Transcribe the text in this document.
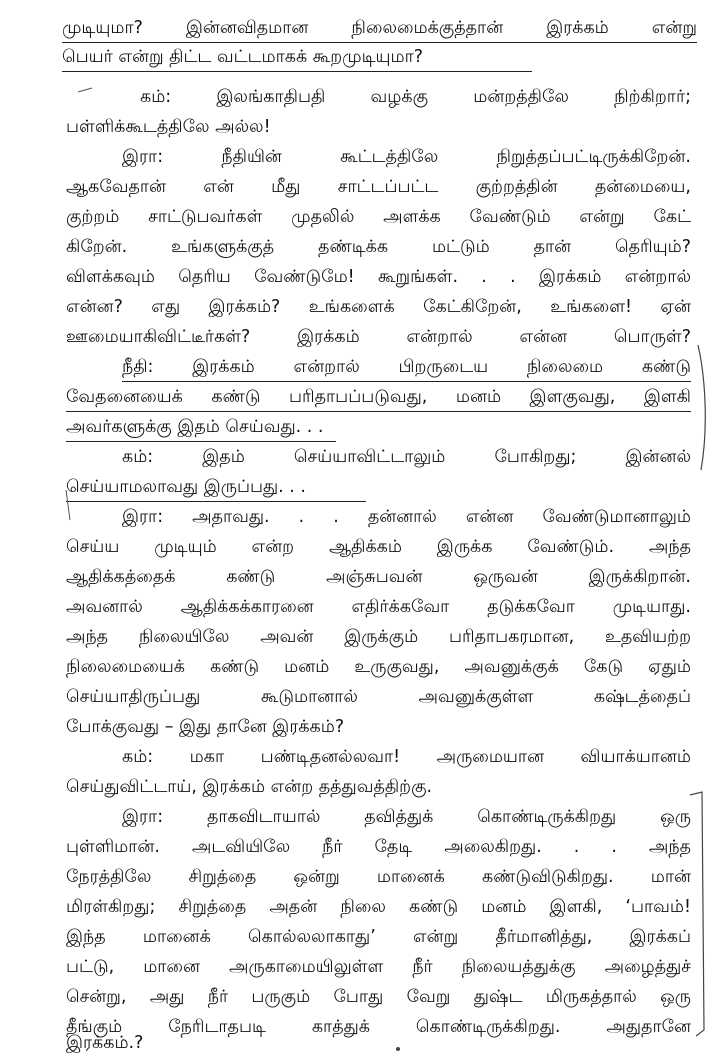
முடியுமா? இன்னவிதமான நிலைமைக்குத்தான் இரக்கம் என்று
பெயர் என்று திட்ட வட்டமாகக் கூறமுடியுமா?
கம்: இலங்காதிபதி வழக்கு மன்றத்திலே நிற்கிறார்;
பள்ளிக்கூடத்திலே அல்ல!
இரா: நீதியின் கூட்டத்திலே நிறுத்தப்பட்டிருக்கிறேன்.
ஆகவேதான் என் மீது சாட்டப்பட்ட குற்றத்தின் தன்மையை,
குற்றம் சாட்டுபவர்கள் முதலில் அளக்க வேண்டும் என்று கேட்
கிறேன். உங்களுக்குத் தண்டிக்க மட்டும் தான் தெரியும்?
விளக்கவும் தெரிய வேண்டுமே! கூறுங்கள். . . இரக்கம் என்றால்
என்ன? எது இரக்கம்? உங்களைக் கேட்கிறேன், உங்களை! ஏன்
ஊமையாகிவிட்டீர்கள்? இரக்கம் என்றால் என்ன பொருள்?
நீதி: இரக்கம் என்றால் பிறருடைய நிலைமை கண்டு
வேதனையைக் கண்டு பரிதாபப்படுவது, மனம் இளகுவது, இளகி
அவர்களுக்கு இதம் செய்வது. . .
கம்: இதம் செய்யாவிட்டாலும் போகிறது; இன்னல்
செய்யாமலாவது இருப்பது. . .
இரா: அதாவது. . . தன்னால் என்ன வேண்டுமானாலும்
செய்ய முடியும் என்ற ஆதிக்கம் இருக்க வேண்டும். அந்த
ஆதிக்கத்தைக் கண்டு அஞ்சுபவன் ஒருவன் இருக்கிறான்.
அவனால் ஆதிக்கக்காரனை எதிர்க்கவோ தடுக்கவோ முடியாது.
அந்த நிலையிலே அவன் இருக்கும் பரிதாபகரமான, உதவியற்ற
நிலைமையைக் கண்டு மனம் உருகுவது, அவனுக்குக் கேடு ஏதும்
செய்யாதிருப்பது கூடுமானால் அவனுக்குள்ள கஷ்டத்தைப்
போக்குவது – இது தானே இரக்கம்?
கம்: மகா பண்டிதனல்லவா! அருமையான வியாக்யானம்
செய்துவிட்டாய், இரக்கம் என்ற தத்துவத்திற்கு.
இரா: தாகவிடாயால் தவித்துக் கொண்டிருக்கிறது ஒரு
புள்ளிமான். அடவியிலே நீர் தேடி அலைகிறது. . . அந்த
நேரத்திலே சிறுத்தை ஒன்று மானைக் கண்டுவிடுகிறது. மான்
மிரள்கிறது; சிறுத்தை அதன் நிலை கண்டு மனம் இளகி, ‘பாவம்!
இந்த மானைக் கொல்லலாகாது’ என்று தீர்மானித்து, இரக்கப்
பட்டு, மானை அருகாமையிலுள்ள நீர் நிலையத்துக்கு அழைத்துச்
சென்று, அது நீர் பருகும் போது வேறு துஷ்ட மிருகத்தால் ஒரு
தீங்கும் நேரிடாதபடி காத்துக் கொண்டிருக்கிறது. அதுதானே
இரக்கம்.?
